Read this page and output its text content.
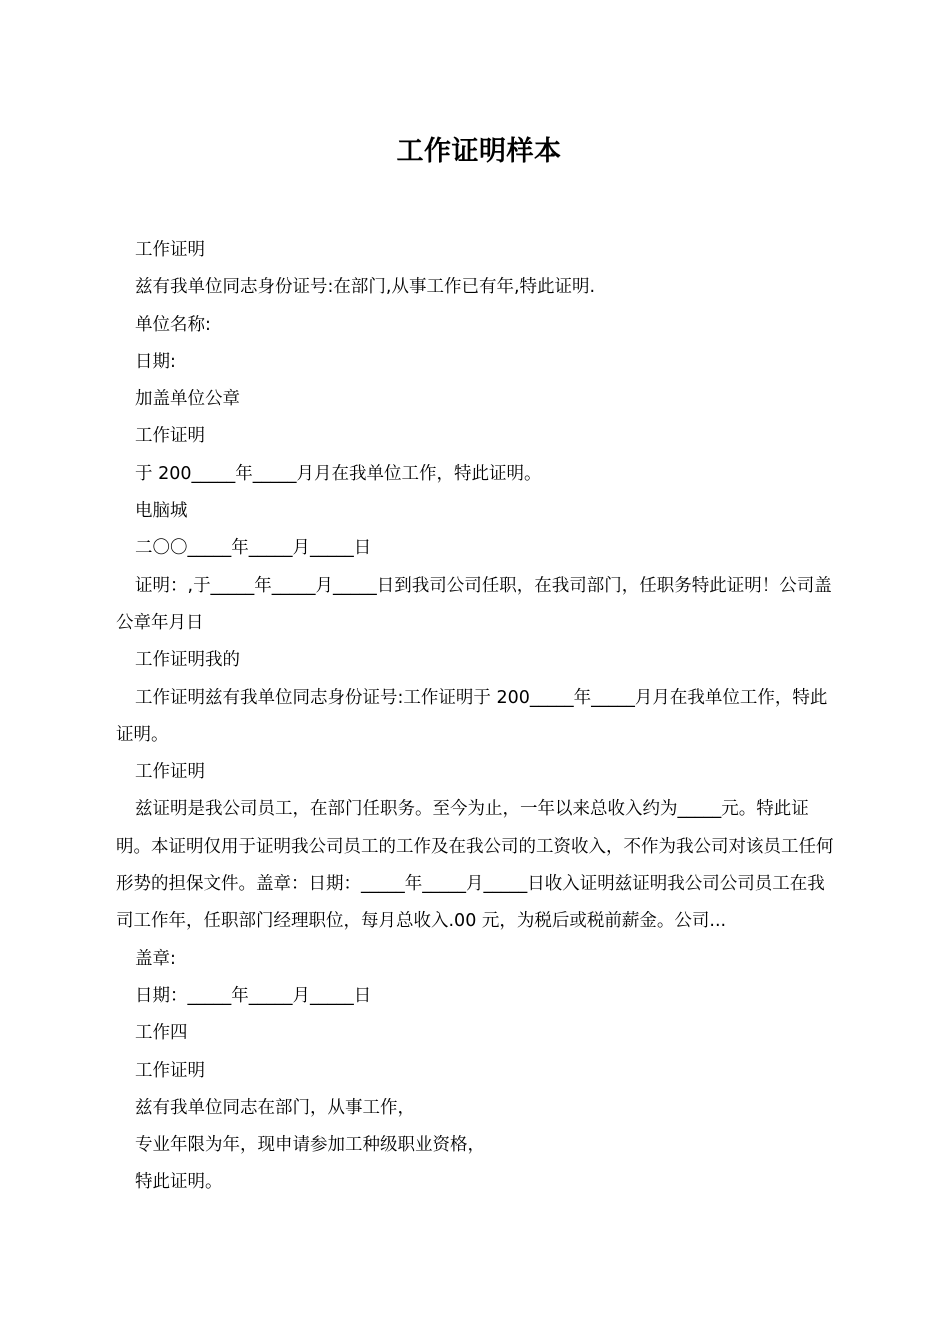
工作证明样本

工作证明

兹有我单位同志身份证号:在部门,从事工作已有年,特此证明.

单位名称:

日期:

加盖单位公章

工作证明

于 200_____年_____月月在我单位工作，特此证明。

电脑城

二〇〇_____年_____月_____日

证明：,于_____年_____月_____日到我司公司任职，在我司部门，任职务特此证明！公司盖公章年月日

工作证明我的

工作证明兹有我单位同志身份证号:工作证明于 200_____年_____月月在我单位工作，特此证明。

工作证明

兹证明是我公司员工，在部门任职务。至今为止，一年以来总收入约为_____元。特此证明。本证明仅用于证明我公司员工的工作及在我公司的工资收入，不作为我公司对该员工任何形势的担保文件。盖章：日期：_____年_____月_____日收入证明兹证明我公司公司员工在我司工作年，任职部门经理职位，每月总收入.00 元，为税后或税前薪金。公司...

盖章:

日期：_____年_____月_____日

工作四

工作证明

兹有我单位同志在部门，从事工作，

专业年限为年，现申请参加工种级职业资格，

特此证明。
